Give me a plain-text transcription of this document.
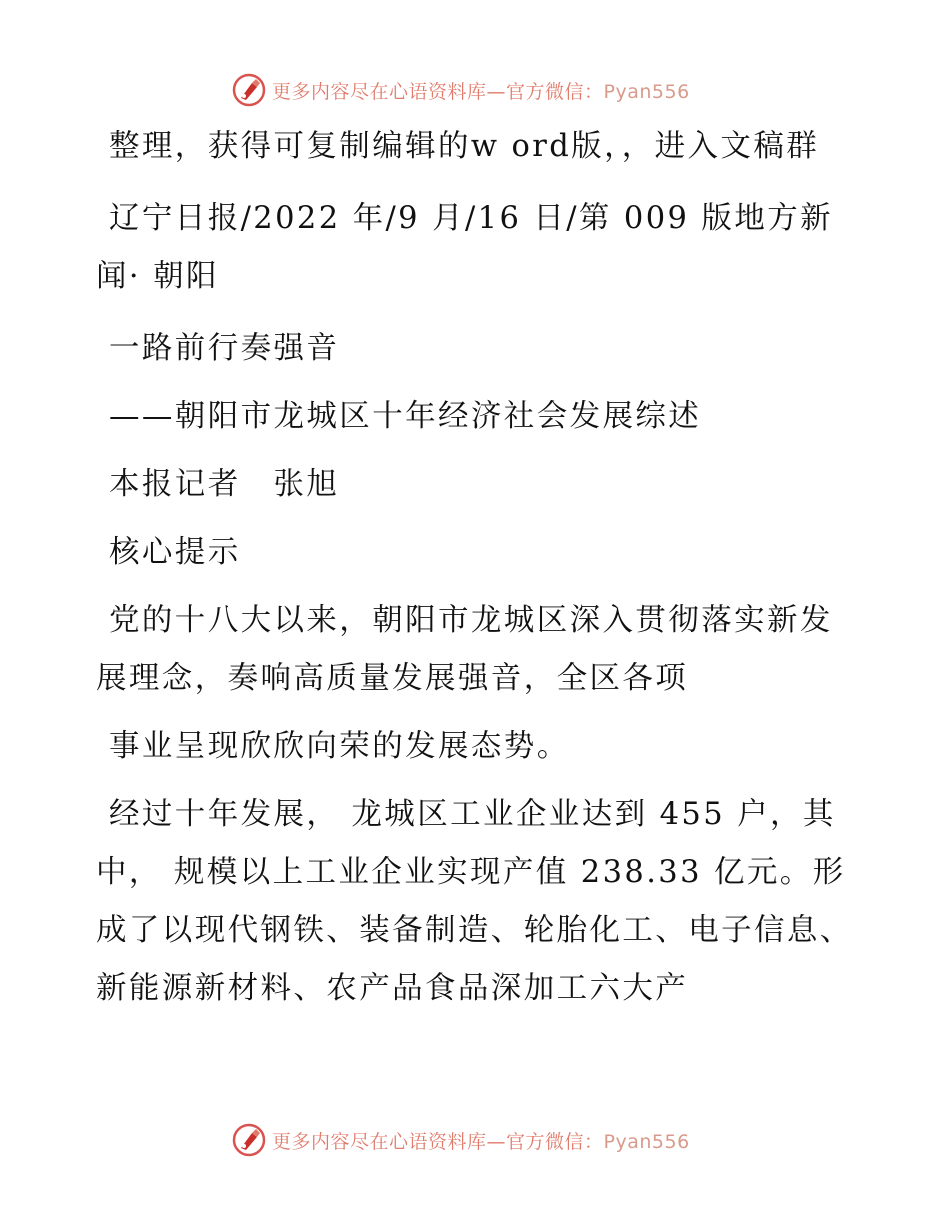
更多内容尽在心语资料库—官方微信：Pyan556

整理，获得可复制编辑的w ord版，，进入文稿群

辽宁日报/2022 年/9 月/16 日/第 009 版地方新闻· 朝阳

一路前行奏强音

——朝阳市龙城区十年经济社会发展综述

本报记者　张旭

核心提示

党的十八大以来，朝阳市龙城区深入贯彻落实新发展理念，奏响高质量发展强音，全区各项

事业呈现欣欣向荣的发展态势。

经过十年发展， 龙城区工业企业达到 455 户，其中， 规模以上工业企业实现产值 238.33 亿元。形成了以现代钢铁、装备制造、轮胎化工、电子信息、新能源新材料、农产品食品深加工六大产

更多内容尽在心语资料库—官方微信：Pyan556
